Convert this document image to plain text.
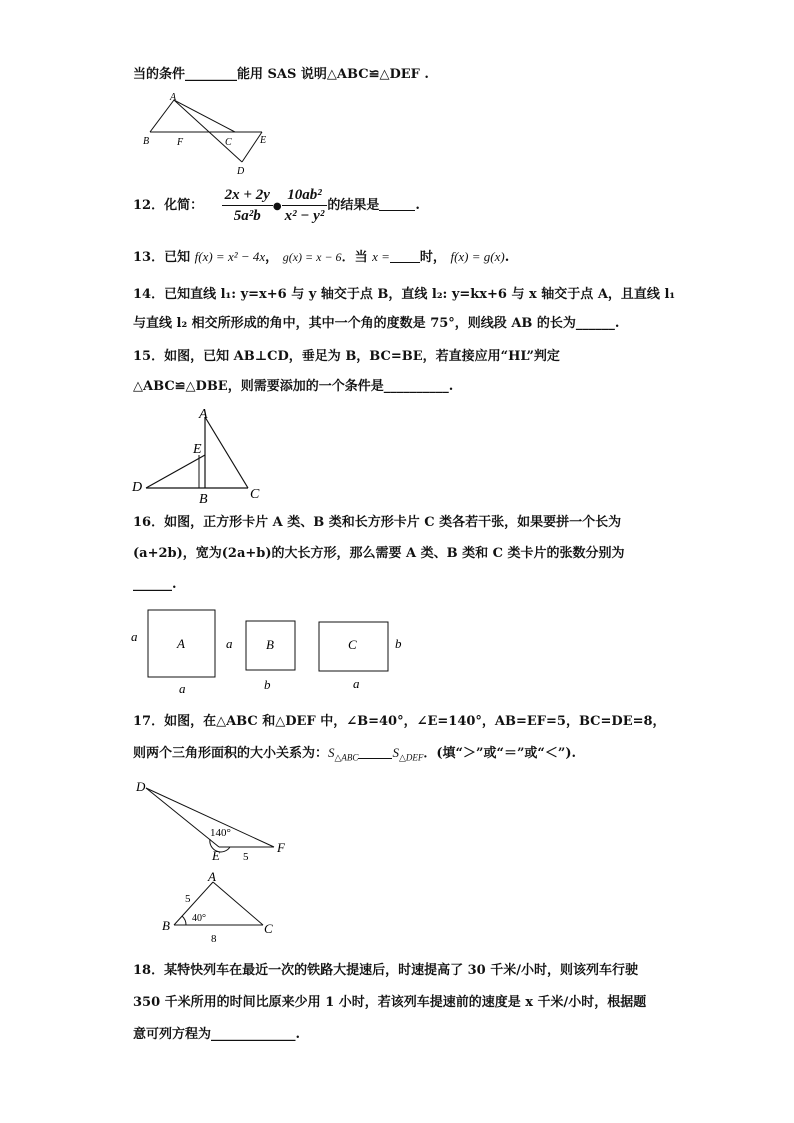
当的条件________能用 SAS 说明△ABC≌△DEF .
A
B	F	C	E
D
12．化简： $\frac{2x + 2y}{\text{5a²b}}$ ● $\frac{\text{10ab²}}{\text{x² − y²}}$ 的结果是	.
13．已知 f(x) = x² − 4x， g(x) = x − 6．当 x = 时， f(x) = g(x).
14．已知直线 l₁: y=x+6 与 y 轴交于点 B，直线 l₂: y=kx+6 与 x 轴交于点 A，且直线 l₁
与直线 l₂ 相交所形成的角中，其中一个角的度数是 75°，则线段 AB 的长为______.
15．如图，已知 AB⊥CD，垂足为 B，BC=BE，若直接应用“HL”判定
△ABC≌△DBE，则需要添加的一个条件是__________.
A
E
D
B	C
16．如图，正方形卡片 A 类、B 类和长方形卡片 C 类各若干张，如果要拼一个长为
(a+2b)，宽为(2a+b)的大长方形，那么需要 A 类、B 类和 C 类卡片的张数分别为
______.
a	A	a
a
B
b
C	b
a
17．如图，在△ABC 和△DEF 中，∠B=40°，∠E=140°，AB=EF=5，BC=DE=8，
则两个三角形面积的大小关系为：$S_{\triangle ABC}$	$S_{\triangle DEF}$．(填“＞”或“＝”或“＜”).
D
E
F
140°
5
A
B	C
40°
5
8
18．某特快列车在最近一次的铁路大提速后，时速提高了 30 千米/小时，则该列车行驶
350 千米所用的时间比原来少用 1 小时，若该列车提速前的速度是 x 千米/小时，根据题
意可列方程为_____________.
